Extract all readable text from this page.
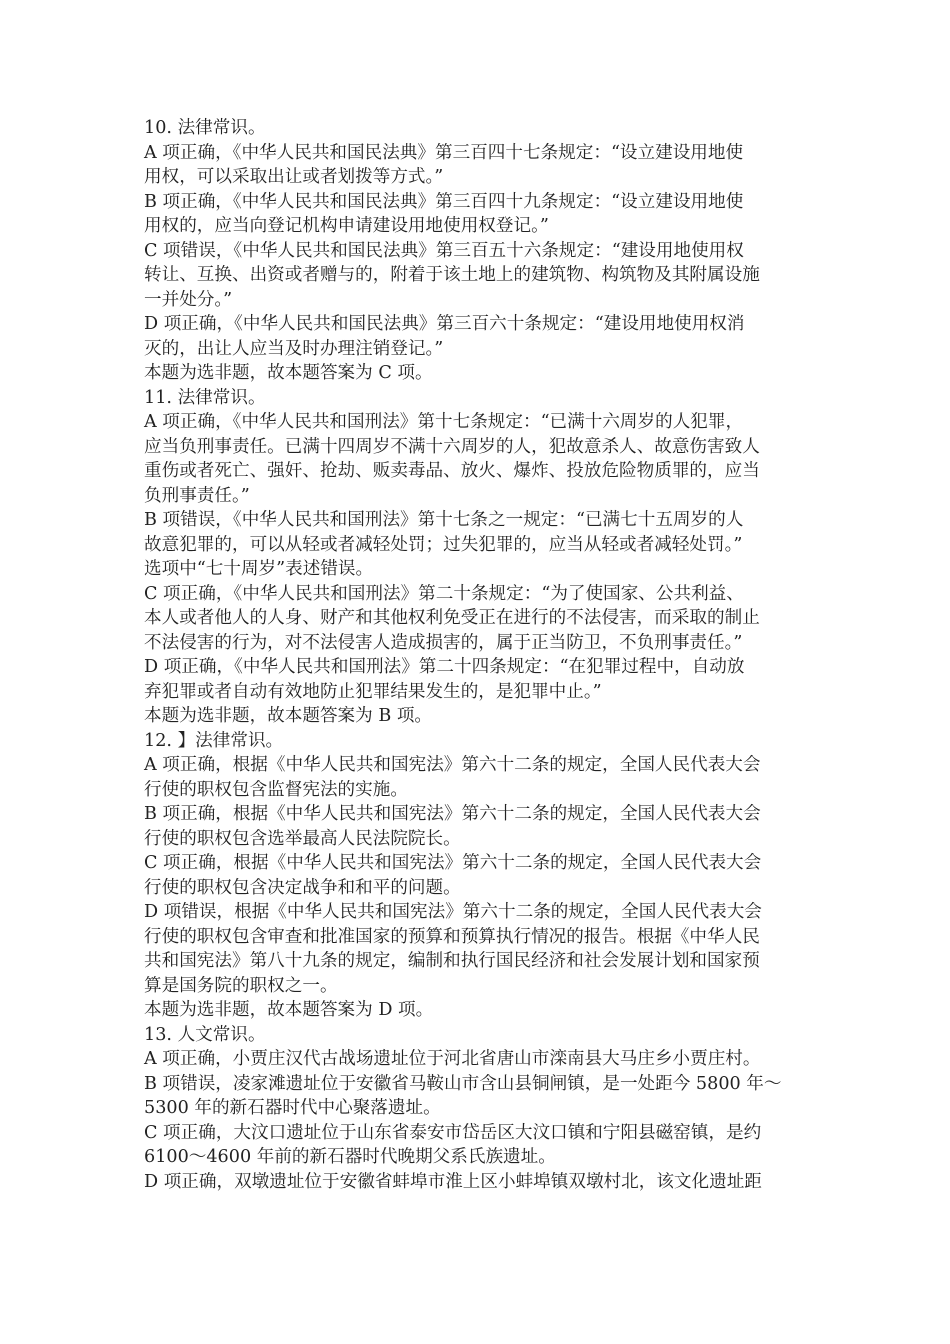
10. 法律常识。
A 项正确，《中华人民共和国民法典》第三百四十七条规定：“设立建设用地使
用权，可以采取出让或者划拨等方式。”
B 项正确，《中华人民共和国民法典》第三百四十九条规定：“设立建设用地使
用权的，应当向登记机构申请建设用地使用权登记。”
C 项错误，《中华人民共和国民法典》第三百五十六条规定：“建设用地使用权
转让、互换、出资或者赠与的，附着于该土地上的建筑物、构筑物及其附属设施
一并处分。”
D 项正确，《中华人民共和国民法典》第三百六十条规定：“建设用地使用权消
灭的，出让人应当及时办理注销登记。”
本题为选非题，故本题答案为 C 项。
11. 法律常识。
A 项正确，《中华人民共和国刑法》第十七条规定：“已满十六周岁的人犯罪，
应当负刑事责任。已满十四周岁不满十六周岁的人，犯故意杀人、故意伤害致人
重伤或者死亡、强奸、抢劫、贩卖毒品、放火、爆炸、投放危险物质罪的，应当
负刑事责任。”
B 项错误，《中华人民共和国刑法》第十七条之一规定：“已满七十五周岁的人
故意犯罪的，可以从轻或者减轻处罚；过失犯罪的，应当从轻或者减轻处罚。”
选项中“七十周岁”表述错误。
C 项正确，《中华人民共和国刑法》第二十条规定：“为了使国家、公共利益、
本人或者他人的人身、财产和其他权利免受正在进行的不法侵害，而采取的制止
不法侵害的行为，对不法侵害人造成损害的，属于正当防卫，不负刑事责任。”
D 项正确，《中华人民共和国刑法》第二十四条规定：“在犯罪过程中，自动放
弃犯罪或者自动有效地防止犯罪结果发生的，是犯罪中止。”
本题为选非题，故本题答案为 B 项。
12. 】法律常识。
A 项正确，根据《中华人民共和国宪法》第六十二条的规定，全国人民代表大会
行使的职权包含监督宪法的实施。
B 项正确，根据《中华人民共和国宪法》第六十二条的规定，全国人民代表大会
行使的职权包含选举最高人民法院院长。
C 项正确，根据《中华人民共和国宪法》第六十二条的规定，全国人民代表大会
行使的职权包含决定战争和和平的问题。
D 项错误，根据《中华人民共和国宪法》第六十二条的规定，全国人民代表大会
行使的职权包含审查和批准国家的预算和预算执行情况的报告。根据《中华人民
共和国宪法》第八十九条的规定，编制和执行国民经济和社会发展计划和国家预
算是国务院的职权之一。
本题为选非题，故本题答案为 D 项。
13. 人文常识。
A 项正确，小贾庄汉代古战场遗址位于河北省唐山市滦南县大马庄乡小贾庄村。
B 项错误，凌家滩遗址位于安徽省马鞍山市含山县铜闸镇，是一处距今 5800 年～
5300 年的新石器时代中心聚落遗址。
C 项正确，大汶口遗址位于山东省泰安市岱岳区大汶口镇和宁阳县磁窑镇，是约
6100～4600 年前的新石器时代晚期父系氏族遗址。
D 项正确，双墩遗址位于安徽省蚌埠市淮上区小蚌埠镇双墩村北，该文化遗址距
